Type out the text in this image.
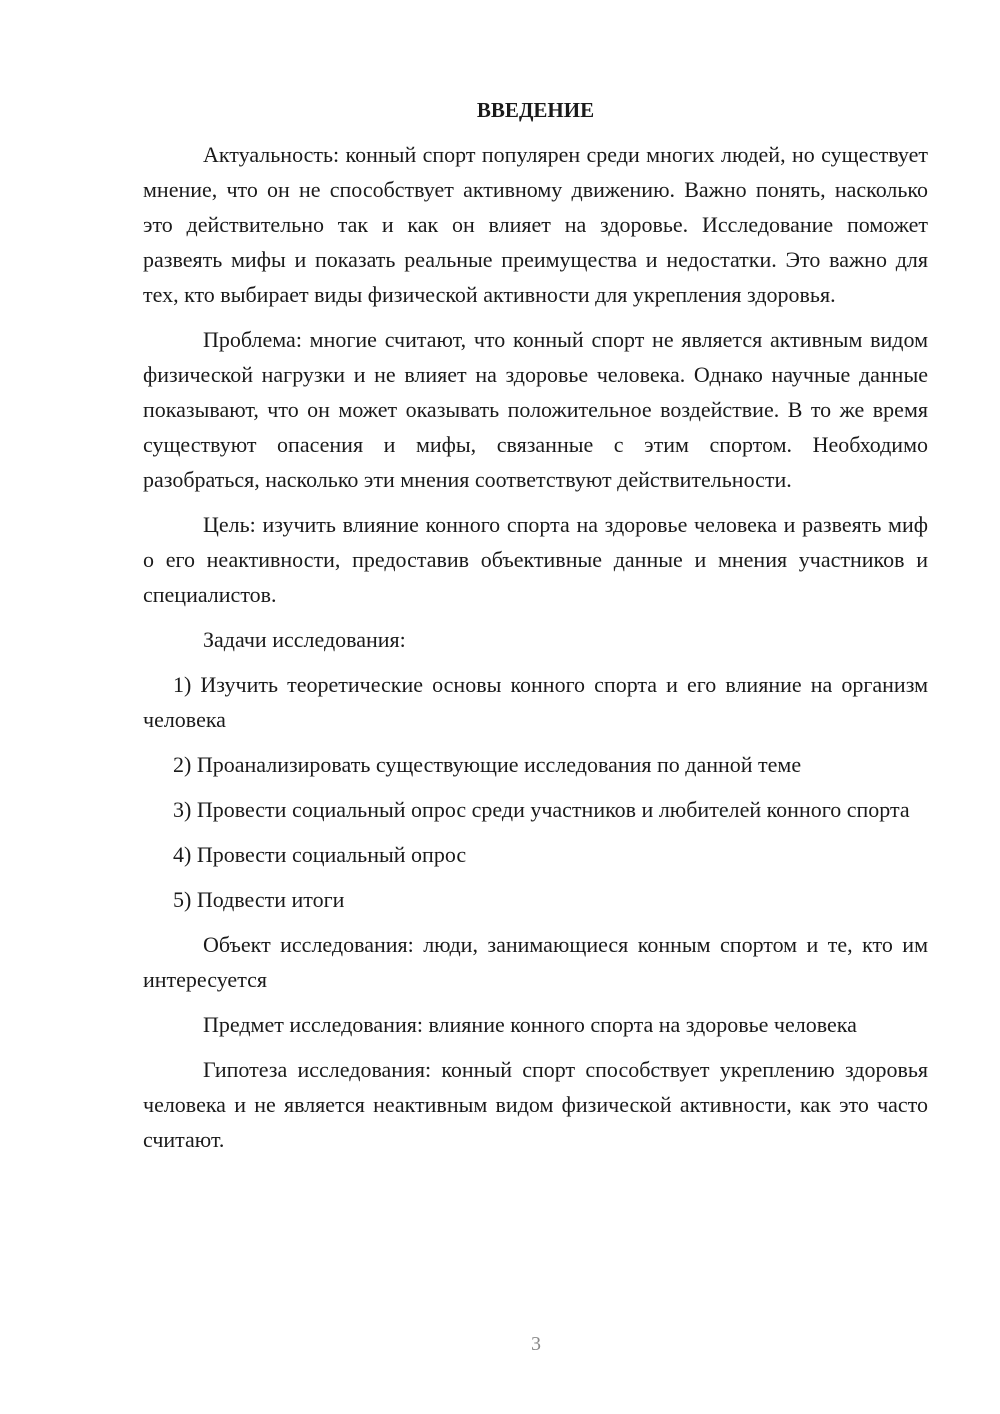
ВВЕДЕНИЕ

Актуальность: конный спорт популярен среди многих людей, но существует мнение, что он не способствует активному движению. Важно понять, насколько это действительно так и как он влияет на здоровье. Исследование поможет развеять мифы и показать реальные преимущества и недостатки. Это важно для тех, кто выбирает виды физической активности для укрепления здоровья.

Проблема: многие считают, что конный спорт не является активным видом физической нагрузки и не влияет на здоровье человека. Однако научные данные показывают, что он может оказывать положительное воздействие. В то же время существуют опасения и мифы, связанные с этим спортом. Необходимо разобраться, насколько эти мнения соответствуют действительности.

Цель: изучить влияние конного спорта на здоровье человека и развеять миф о его неактивности, предоставив объективные данные и мнения участников и специалистов.

Задачи исследования:

1) Изучить теоретические основы конного спорта и его влияние на организм человека

2) Проанализировать существующие исследования по данной теме

3) Провести социальный опрос среди участников и любителей конного спорта

4) Провести социальный опрос

5) Подвести итоги

Объект исследования: люди, занимающиеся конным спортом и те, кто им интересуется

Предмет исследования: влияние конного спорта на здоровье человека

Гипотеза исследования: конный спорт способствует укреплению здоровья человека и не является неактивным видом физической активности, как это часто считают.

3
